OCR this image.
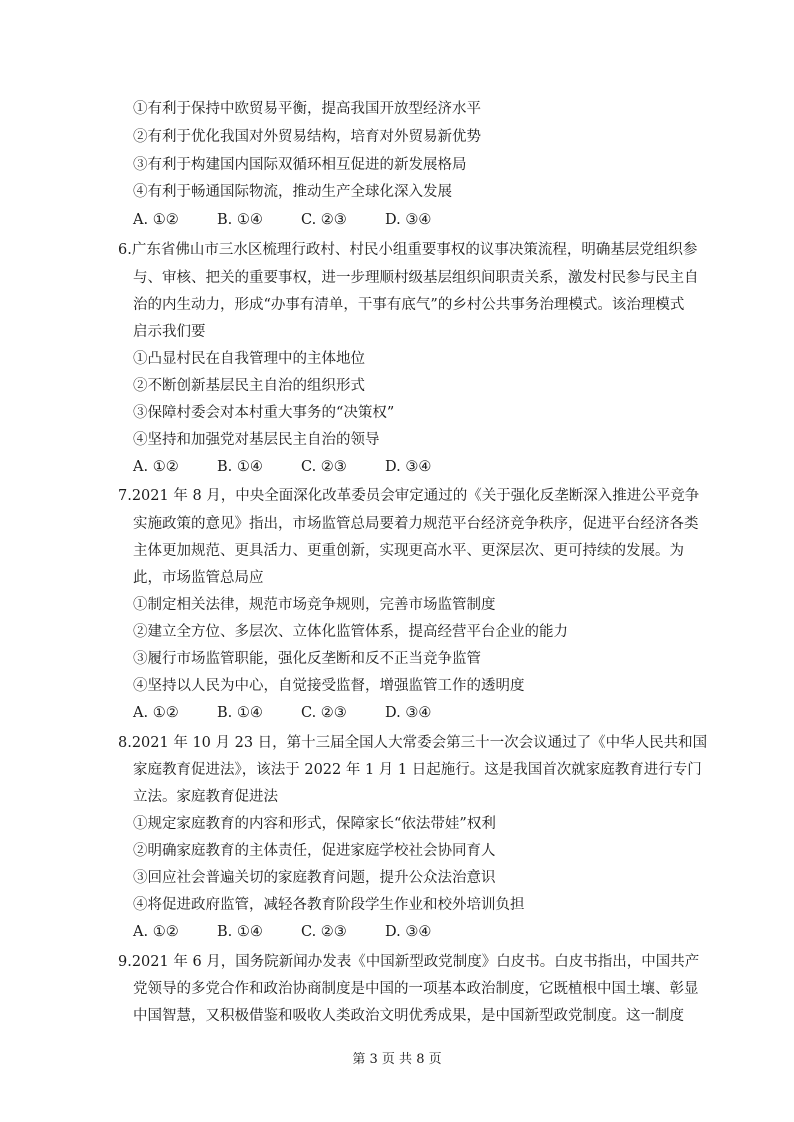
①有利于保持中欧贸易平衡，提高我国开放型经济水平
②有利于优化我国对外贸易结构，培育对外贸易新优势
③有利于构建国内国际双循环相互促进的新发展格局
④有利于畅通国际物流，推动生产全球化深入发展
A. ①②	B. ①④	C. ②③	D. ③④
6.广东省佛山市三水区梳理行政村、村民小组重要事权的议事决策流程，明确基层党组织参
与、审核、把关的重要事权，进一步理顺村级基层组织间职责关系，激发村民参与民主自
治的内生动力，形成“办事有清单，干事有底气”的乡村公共事务治理模式。该治理模式
启示我们要
①凸显村民在自我管理中的主体地位
②不断创新基层民主自治的组织形式
③保障村委会对本村重大事务的“决策权”
④坚持和加强党对基层民主自治的领导
A. ①②	B. ①④	C. ②③	D. ③④
7.2021 年 8 月，中央全面深化改革委员会审定通过的《关于强化反垄断深入推进公平竞争
实施政策的意见》指出，市场监管总局要着力规范平台经济竞争秩序，促进平台经济各类
主体更加规范、更具活力、更重创新，实现更高水平、更深层次、更可持续的发展。为
此，市场监管总局应
①制定相关法律，规范市场竞争规则，完善市场监管制度
②建立全方位、多层次、立体化监管体系，提高经营平台企业的能力
③履行市场监管职能，强化反垄断和反不正当竞争监管
④坚持以人民为中心，自觉接受监督，增强监管工作的透明度
A. ①②	B. ①④	C. ②③	D. ③④
8.2021 年 10 月 23 日，第十三届全国人大常委会第三十一次会议通过了《中华人民共和国
家庭教育促进法》，该法于 2022 年 1 月 1 日起施行。这是我国首次就家庭教育进行专门
立法。家庭教育促进法
①规定家庭教育的内容和形式，保障家长“依法带娃”权利
②明确家庭教育的主体责任，促进家庭学校社会协同育人
③回应社会普遍关切的家庭教育问题，提升公众法治意识
④将促进政府监管，减轻各教育阶段学生作业和校外培训负担
A. ①②	B. ①④	C. ②③	D. ③④
9.2021 年 6 月，国务院新闻办发表《中国新型政党制度》白皮书。白皮书指出，中国共产
党领导的多党合作和政治协商制度是中国的一项基本政治制度，它既植根中国土壤、彰显
中国智慧，又积极借鉴和吸收人类政治文明优秀成果，是中国新型政党制度。这一制度
第 3 页 共 8 页
